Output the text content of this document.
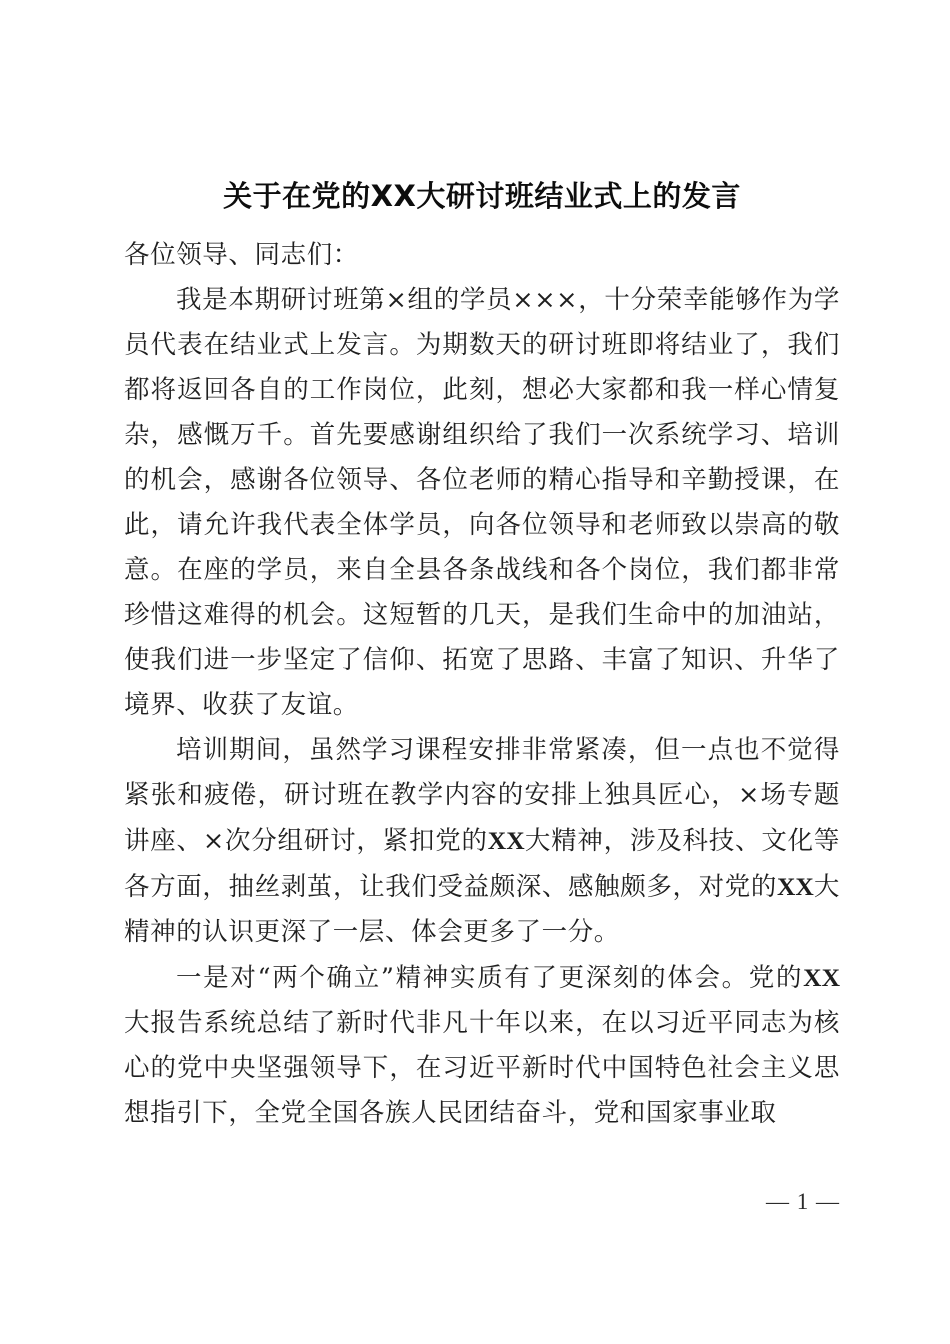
关于在党的XX大研讨班结业式上的发言

各位领导、同志们：

我是本期研讨班第×组的学员×××，十分荣幸能够作为学员代表在结业式上发言。为期数天的研讨班即将结业了，我们都将返回各自的工作岗位，此刻，想必大家都和我一样心情复杂，感慨万千。首先要感谢组织给了我们一次系统学习、培训的机会，感谢各位领导、各位老师的精心指导和辛勤授课，在此，请允许我代表全体学员，向各位领导和老师致以崇高的敬意。在座的学员，来自全县各条战线和各个岗位，我们都非常珍惜这难得的机会。这短暂的几天，是我们生命中的加油站，使我们进一步坚定了信仰、拓宽了思路、丰富了知识、升华了境界、收获了友谊。

培训期间，虽然学习课程安排非常紧凑，但一点也不觉得紧张和疲倦，研讨班在教学内容的安排上独具匠心，×场专题讲座、×次分组研讨，紧扣党的XX大精神，涉及科技、文化等各方面，抽丝剥茧，让我们受益颇深、感触颇多，对党的XX大精神的认识更深了一层、体会更多了一分。

一是对“两个确立”精神实质有了更深刻的体会。党的XX大报告系统总结了新时代非凡十年以来，在以习近平同志为核心的党中央坚强领导下，在习近平新时代中国特色社会主义思想指引下，全党全国各族人民团结奋斗，党和国家事业取

— 1 —
